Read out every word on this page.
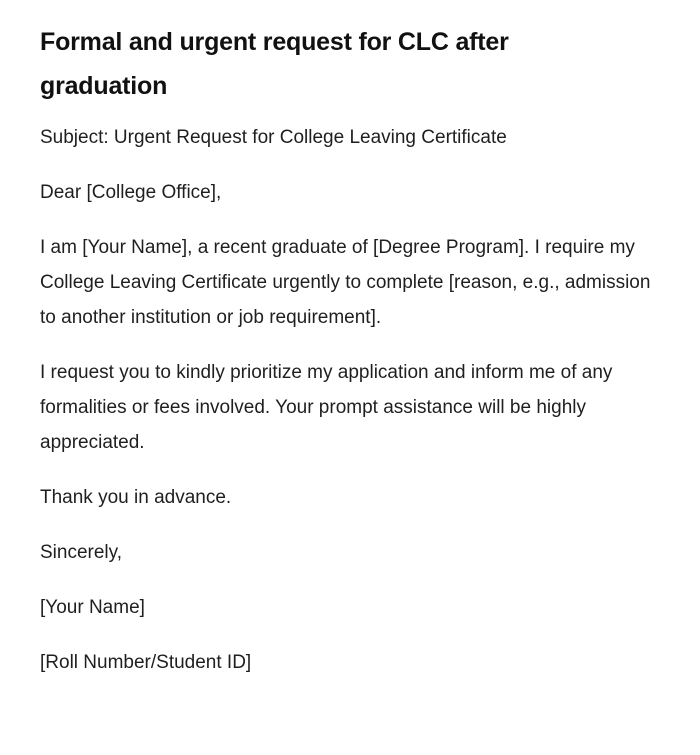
Formal and urgent request for CLC after graduation

Subject: Urgent Request for College Leaving Certificate

Dear [College Office],

I am [Your Name], a recent graduate of [Degree Program]. I require my College Leaving Certificate urgently to complete [reason, e.g., admission to another institution or job requirement].

I request you to kindly prioritize my application and inform me of any formalities or fees involved. Your prompt assistance will be highly appreciated.

Thank you in advance.

Sincerely,

[Your Name]

[Roll Number/Student ID]
